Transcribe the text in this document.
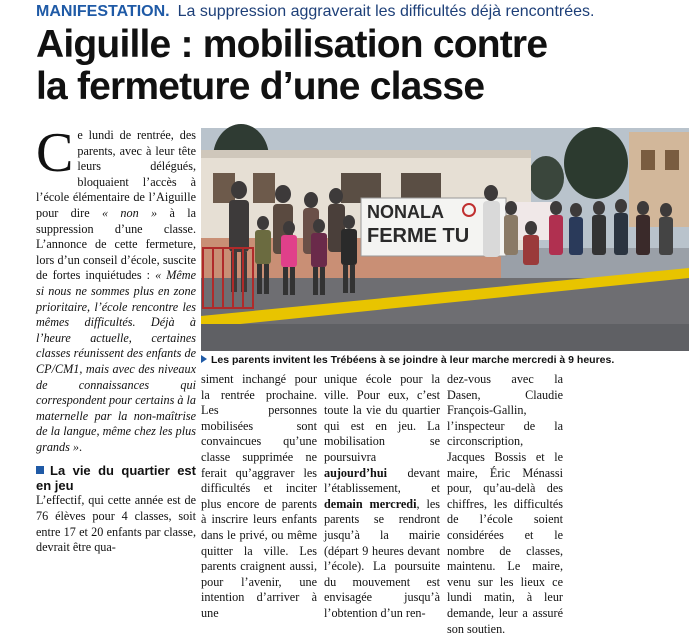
MANIFESTATION. La suppression aggraverait les difficultés déjà rencontrées.
Aiguille : mobilisation contre
la fermeture d’une classe

Ce lundi de rentrée, des parents, avec à leur tête leurs délégués, bloquaient l’accès à l’école élémentaire de l’Aiguille pour dire « non » à la suppression d’une classe. L’annonce de cette fermeture, lors d’un conseil d’école, suscite de fortes inquiétudes : « Même si nous ne sommes plus en zone prioritaire, l’école rencontre les mêmes difficultés. Déjà à l’heure actuelle, certaines classes réunissent des enfants de CP/CM1, mais avec des niveaux de connaissances qui correspondent pour certains à la maternelle par la non-maîtrise de la langue, même chez les plus grands ».

La vie du quartier est en jeu

L’effectif, qui cette année est de 76 élèves pour 4 classes, soit entre 17 et 20 enfants par classe, devrait être qua-

NONALA
FERME TU
Les parents invitent les Trébéens à se joindre à leur marche mercredi à 9 heures.
siment inchangé pour la rentrée prochaine. Les personnes mobilisées sont convaincues qu’une classe supprimée ne ferait qu’aggraver les difficultés et inciter plus encore de parents à inscrire leurs enfants dans le privé, ou même quitter la ville. Les parents craignent aussi, pour l’avenir, une intention d’arriver à une
unique école pour la ville. Pour eux, c’est toute la vie du quartier qui est en jeu. La mobilisation se poursuivra aujourd’hui devant l’établissement, et demain mercredi, les parents se rendront jusqu’à la mairie (départ 9 heures devant l’école). La poursuite du mouvement est envisagée jusqu’à l’obtention d’un ren-
dez-vous avec la Dasen, Claudie François-Gallin, l’inspecteur de la circonscription, Jacques Bossis et le maire, Éric Ménassi pour, qu’au-delà des chiffres, les difficultés de l’école soient considérées et le nombre de classes, maintenu. Le maire, venu sur les lieux ce lundi matin, à leur demande, leur a assuré son soutien.
